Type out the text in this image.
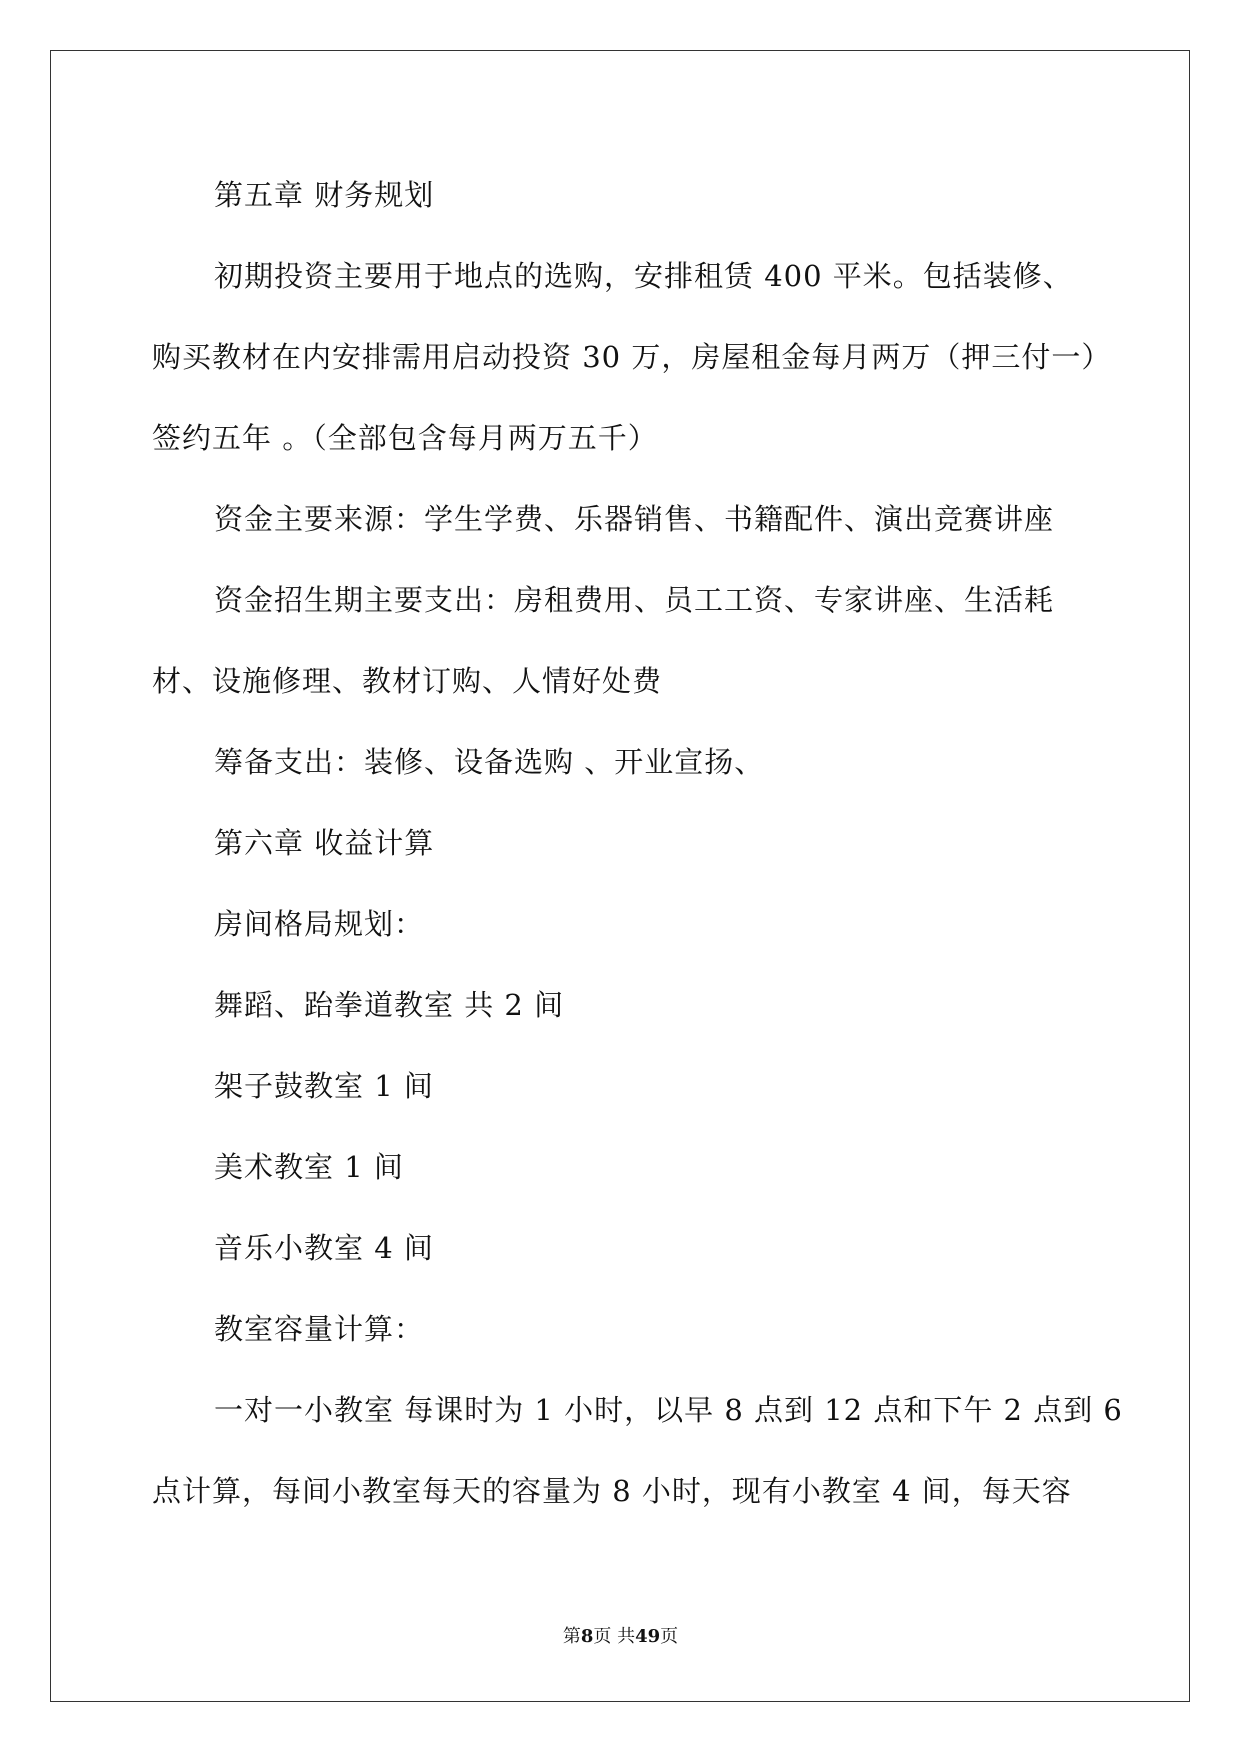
第五章 财务规划

初期投资主要用于地点的选购，安排租赁 400 平米。包括装修、

购买教材在内安排需用启动投资 30 万，房屋租金每月两万（押三付一）

签约五年 。（全部包含每月两万五千）

资金主要来源：学生学费、乐器销售、书籍配件、演出竞赛讲座

资金招生期主要支出：房租费用、员工工资、专家讲座、生活耗

材、设施修理、教材订购、人情好处费

筹备支出：装修、设备选购 、开业宣扬、

第六章 收益计算

房间格局规划：

舞蹈、跆拳道教室 共 2 间

架子鼓教室 1 间

美术教室 1 间

音乐小教室 4 间

教室容量计算：

一对一小教室 每课时为 1 小时，以早 8 点到 12 点和下午 2 点到 6

点计算，每间小教室每天的容量为 8 小时，现有小教室 4 间，每天容

第8页 共49页
